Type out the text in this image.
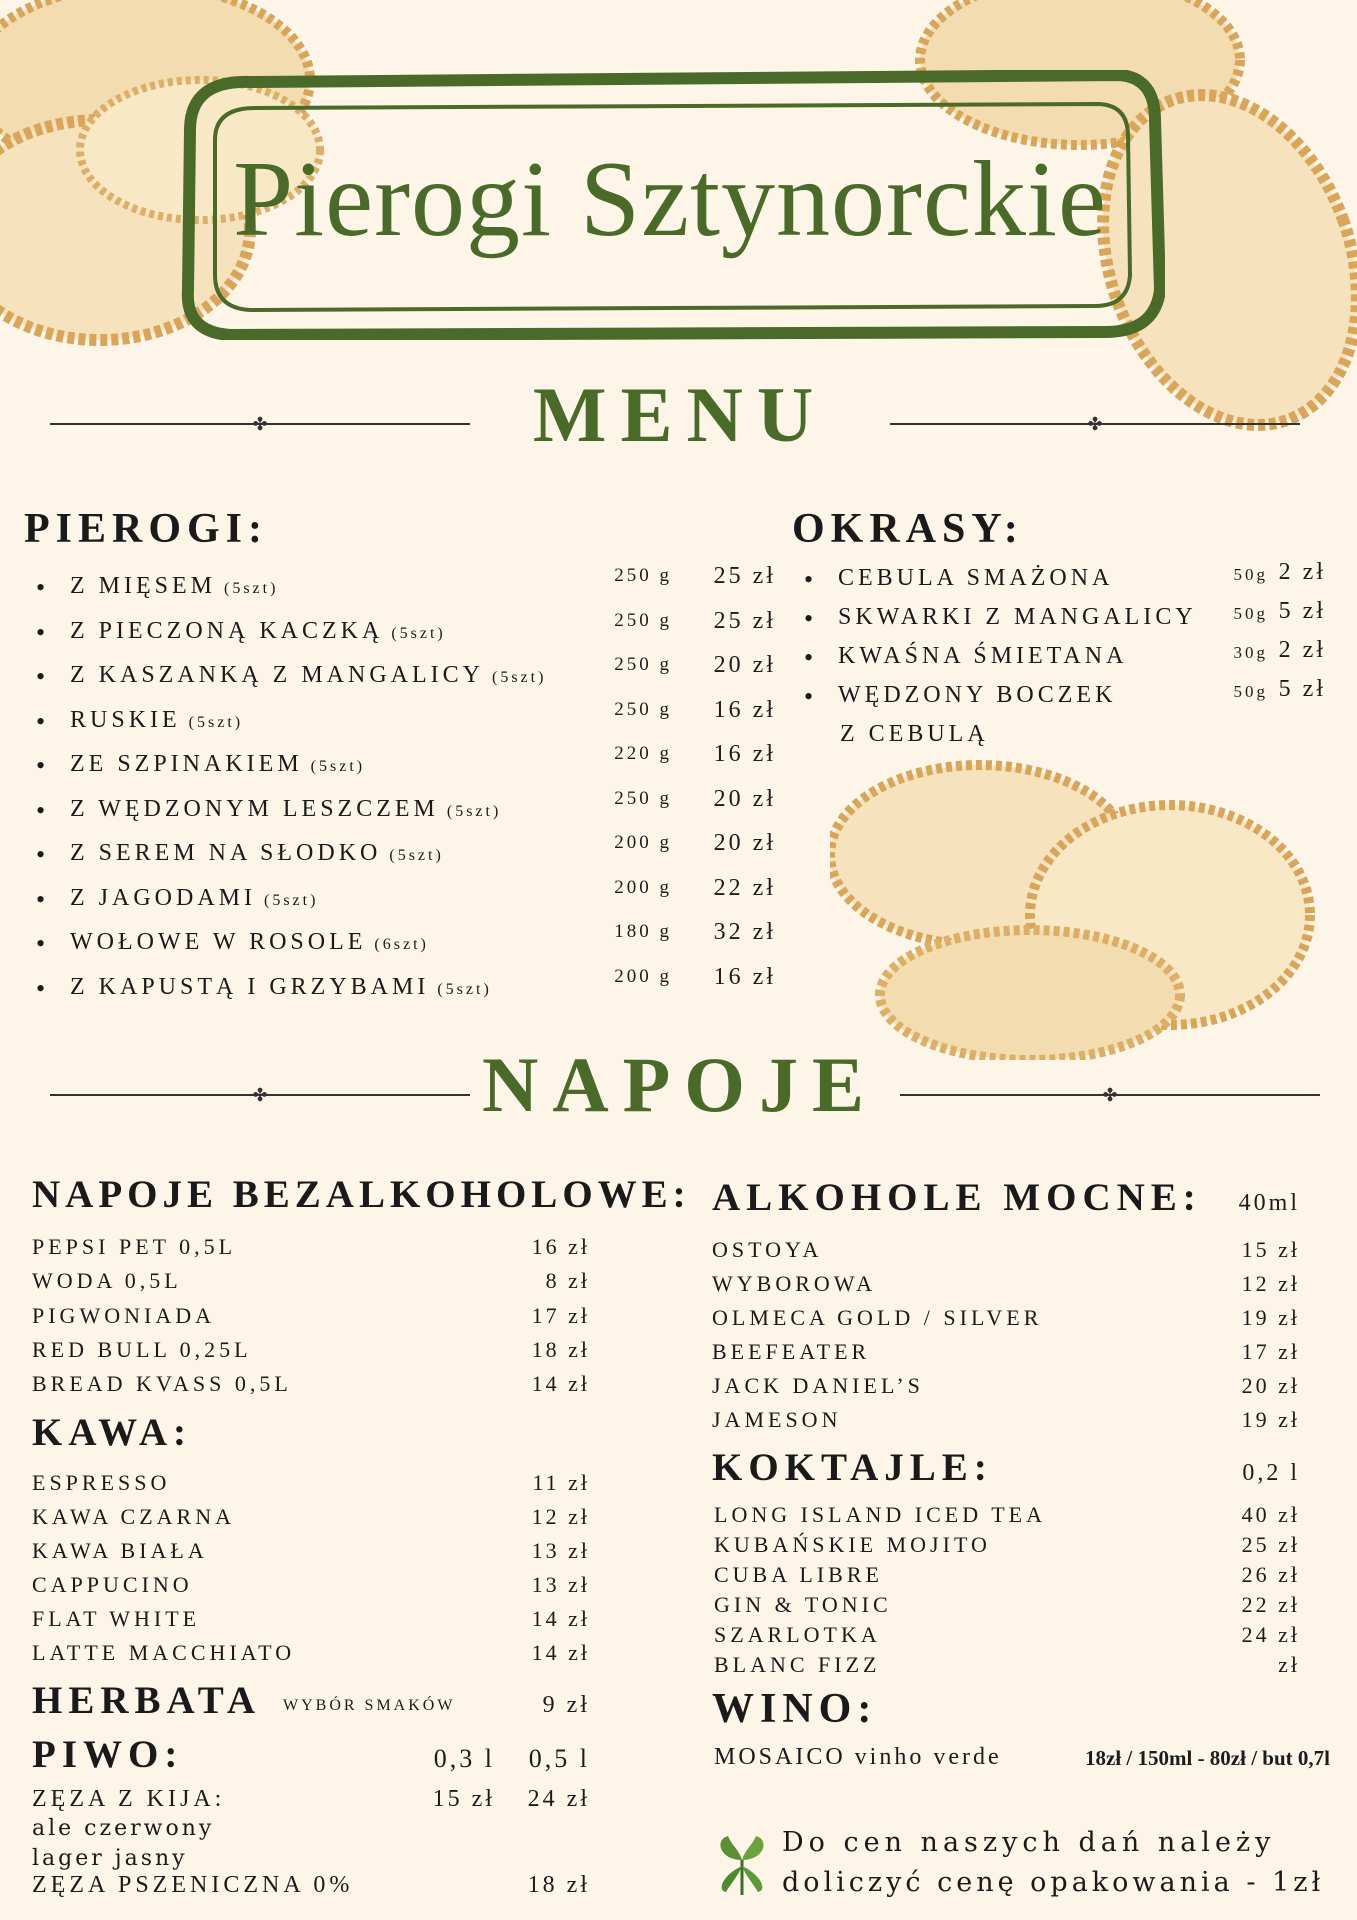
Pierogi Sztynorckie
✤	MENU	✤
PIEROGI:
• Z MIĘSEM (5szt)
250 g	25 zł
• Z PIECZONĄ KACZKĄ (5szt)
250 g	25 zł
• Z KASZANKĄ Z MANGALICY (5szt)
250 g	20 zł
• RUSKIE (5szt)
250 g	16 zł
• ZE SZPINAKIEM (5szt)
220 g	16 zł
• Z WĘDZONYM LESZCZEM (5szt)
250 g	20 zł
• Z SEREM NA SŁODKO (5szt)
200 g	20 zł
• Z JAGODAMI (5szt)
200 g	22 zł
• WOŁOWE W ROSOLE (6szt)
180 g	32 zł
• Z KAPUSTĄ I GRZYBAMI (5szt)
200 g	16 zł
OKRASY:
• CEBULA SMAŻONA	50g 2 zł
• SKWARKI Z MANGALICY	50g 5 zł
• KWAŚNA ŚMIETANA	30g 2 zł
• WĘDZONY BOCZEK
Z CEBULĄ
50g 5 zł
✤	NAPOJE	✤
NAPOJE BEZALKOHOLOWE:
PEPSI PET 0,5L	16 zł
WODA 0,5L	8 zł
PIGWONIADA	17 zł
RED BULL 0,25L	18 zł
BREAD KVASS 0,5L	14 zł
KAWA:
ESPRESSO	11 zł
KAWA CZARNA	12 zł
KAWA BIAŁA	13 zł
CAPPUCINO	13 zł
FLAT WHITE	14 zł
LATTE MACCHIATO	14 zł
HERBATA WYBÓR SMAKÓW	9 zł
PIWO:	0,3 l	0,5 l
ZĘZA Z KIJA:	15 zł	24 zł
ale czerwony
lager jasny
ZĘZA PSZENICZNA 0%	18 zł
ALKOHOLE MOCNE:	40ml
OSTOYA	15 zł
WYBOROWA	12 zł
OLMECA GOLD / SILVER	19 zł
BEEFEATER	17 zł
JACK DANIEL’S	20 zł
JAMESON	19 zł
KOKTAJLE:	0,2 l
LONG ISLAND ICED TEA	40 zł
KUBAŃSKIE MOJITO	25 zł
CUBA LIBRE	26 zł
GIN & TONIC	22 zł
SZARLOTKA	24 zł
BLANC FIZZ	zł
WINO:
MOSAICO vinho verde	18zł / 150ml - 80zł / but 0,7l
Do cen naszych dań należy
doliczyć cenę opakowania - 1zł
